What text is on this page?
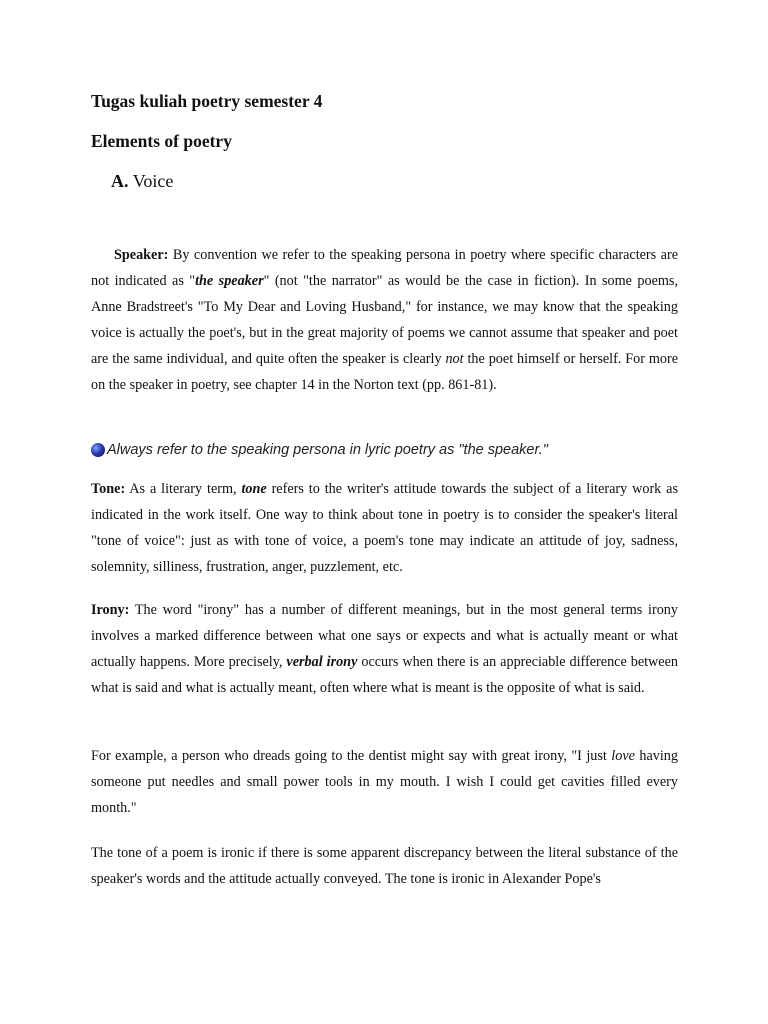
Tugas kuliah poetry semester 4
Elements of poetry
A. Voice

Speaker: By convention we refer to the speaking persona in poetry where specific characters are not indicated as "the speaker" (not "the narrator" as would be the case in fiction). In some poems, Anne Bradstreet's "To My Dear and Loving Husband," for instance, we may know that the speaking voice is actually the poet's, but in the great majority of poems we cannot assume that speaker and poet are the same individual, and quite often the speaker is clearly not the poet himself or herself. For more on the speaker in poetry, see chapter 14 in the Norton text (pp. 861-81).

Always refer to the speaking persona in lyric poetry as "the speaker."

Tone: As a literary term, tone refers to the writer's attitude towards the subject of a literary work as indicated in the work itself. One way to think about tone in poetry is to consider the speaker's literal "tone of voice": just as with tone of voice, a poem's tone may indicate an attitude of joy, sadness, solemnity, silliness, frustration, anger, puzzlement, etc.

Irony: The word "irony" has a number of different meanings, but in the most general terms irony involves a marked difference between what one says or expects and what is actually meant or what actually happens. More precisely, verbal irony occurs when there is an appreciable difference between what is said and what is actually meant, often where what is meant is the opposite of what is said.

For example, a person who dreads going to the dentist might say with great irony, "I just love having someone put needles and small power tools in my mouth. I wish I could get cavities filled every month."

The tone of a poem is ironic if there is some apparent discrepancy between the literal substance of the speaker's words and the attitude actually conveyed. The tone is ironic in Alexander Pope's
